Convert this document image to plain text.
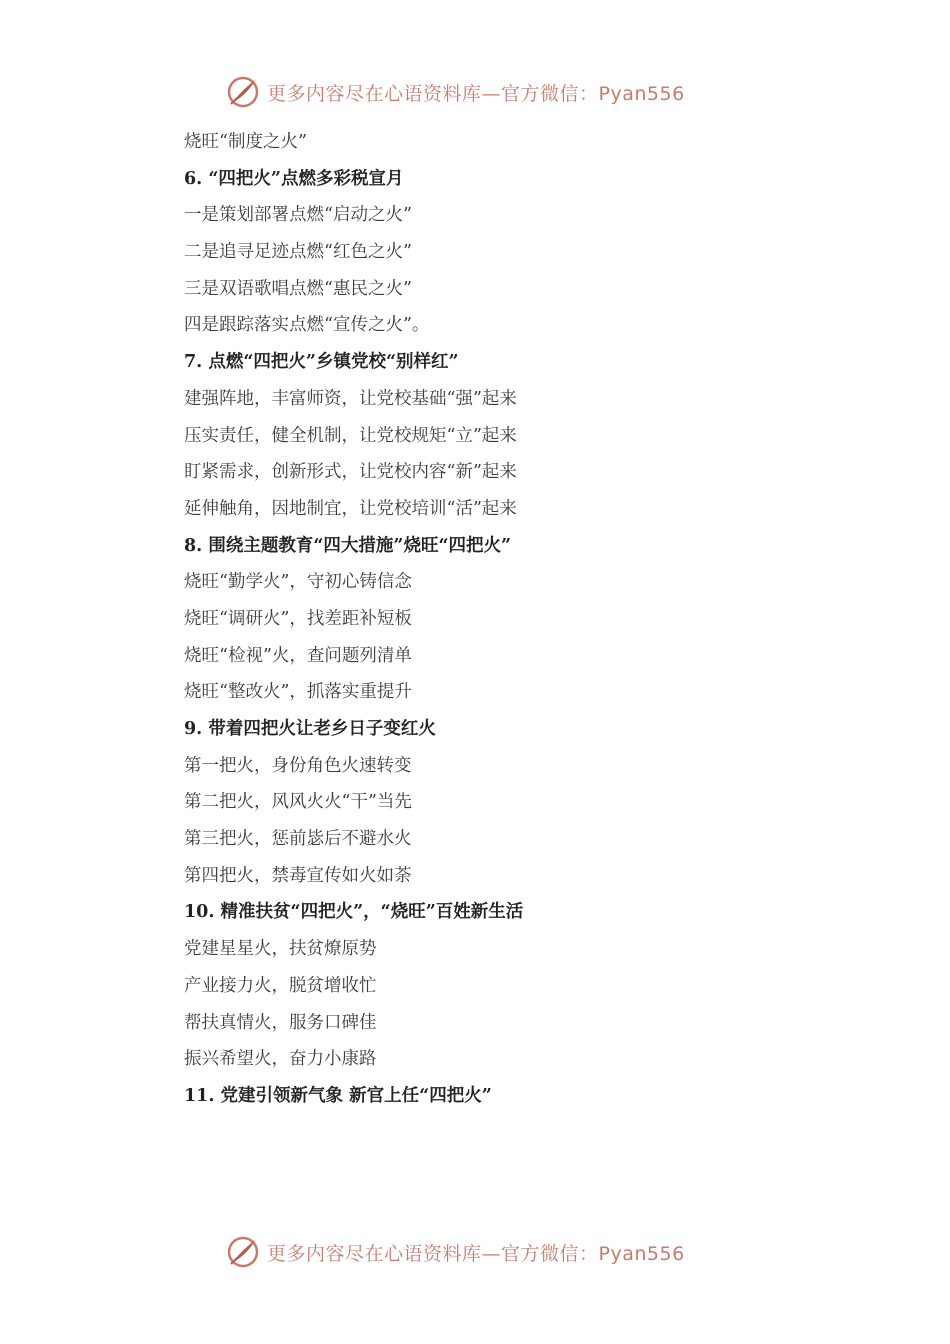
更多内容尽在心语资料库—官方微信：Pyan556
烧旺“制度之火”
6. “四把火”点燃多彩税宣月
一是策划部署点燃“启动之火”
二是追寻足迹点燃“红色之火”
三是双语歌唱点燃“惠民之火”
四是跟踪落实点燃“宣传之火”。
7. 点燃“四把火”乡镇党校“别样红”
建强阵地，丰富师资，让党校基础“强”起来
压实责任，健全机制，让党校规矩“立”起来
盯紧需求，创新形式，让党校内容“新”起来
延伸触角，因地制宜，让党校培训“活”起来
8. 围绕主题教育“四大措施”烧旺“四把火”
烧旺“勤学火”，守初心铸信念
烧旺“调研火”，找差距补短板
烧旺“检视”火，查问题列清单
烧旺“整改火”，抓落实重提升
9. 带着四把火让老乡日子变红火
第一把火，身份角色火速转变
第二把火，风风火火“干”当先
第三把火，惩前毖后不避水火
第四把火，禁毒宣传如火如荼
10. 精准扶贫“四把火”，“烧旺”百姓新生活
党建星星火，扶贫燎原势
产业接力火，脱贫增收忙
帮扶真情火，服务口碑佳
振兴希望火，奋力小康路
11. 党建引领新气象 新官上任“四把火”
更多内容尽在心语资料库—官方微信：Pyan556
